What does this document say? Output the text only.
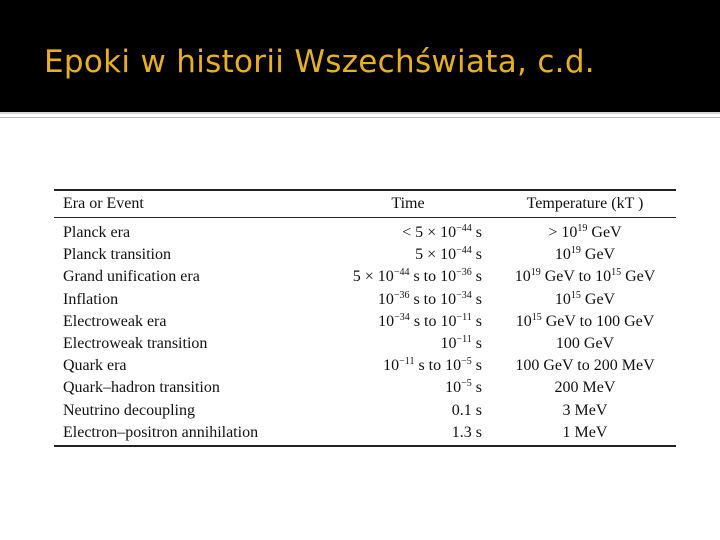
Epoki w historii Wszechświata, c.d.
Era or Event	Time	Temperature (kT )
Planck era	< $5 \times 10^{-44}$ s	> $10^{19}$ GeV
Planck transition	$5 \times 10^{-44}$ s	$10^{19}$ GeV
Grand unification era	$5 \times 10^{-44}$ s to $10^{-36}$ s	$10^{19}$ GeV to $10^{15}$ GeV
Inflation	$10^{-36}$ s to $10^{-34}$ s	$10^{15}$ GeV
Electroweak era	$10^{-34}$ s to $10^{-11}$ s	$10^{15}$ GeV to 100 GeV
Electroweak transition	$10^{-11}$ s	100 GeV
Quark era	$10^{-11}$ s to $10^{-5}$ s	100 GeV to 200 MeV
Quark–hadron transition	$10^{-5}$ s	200 MeV
Neutrino decoupling	0.1 s	3 MeV
Electron–positron annihilation	1.3 s	1 MeV
